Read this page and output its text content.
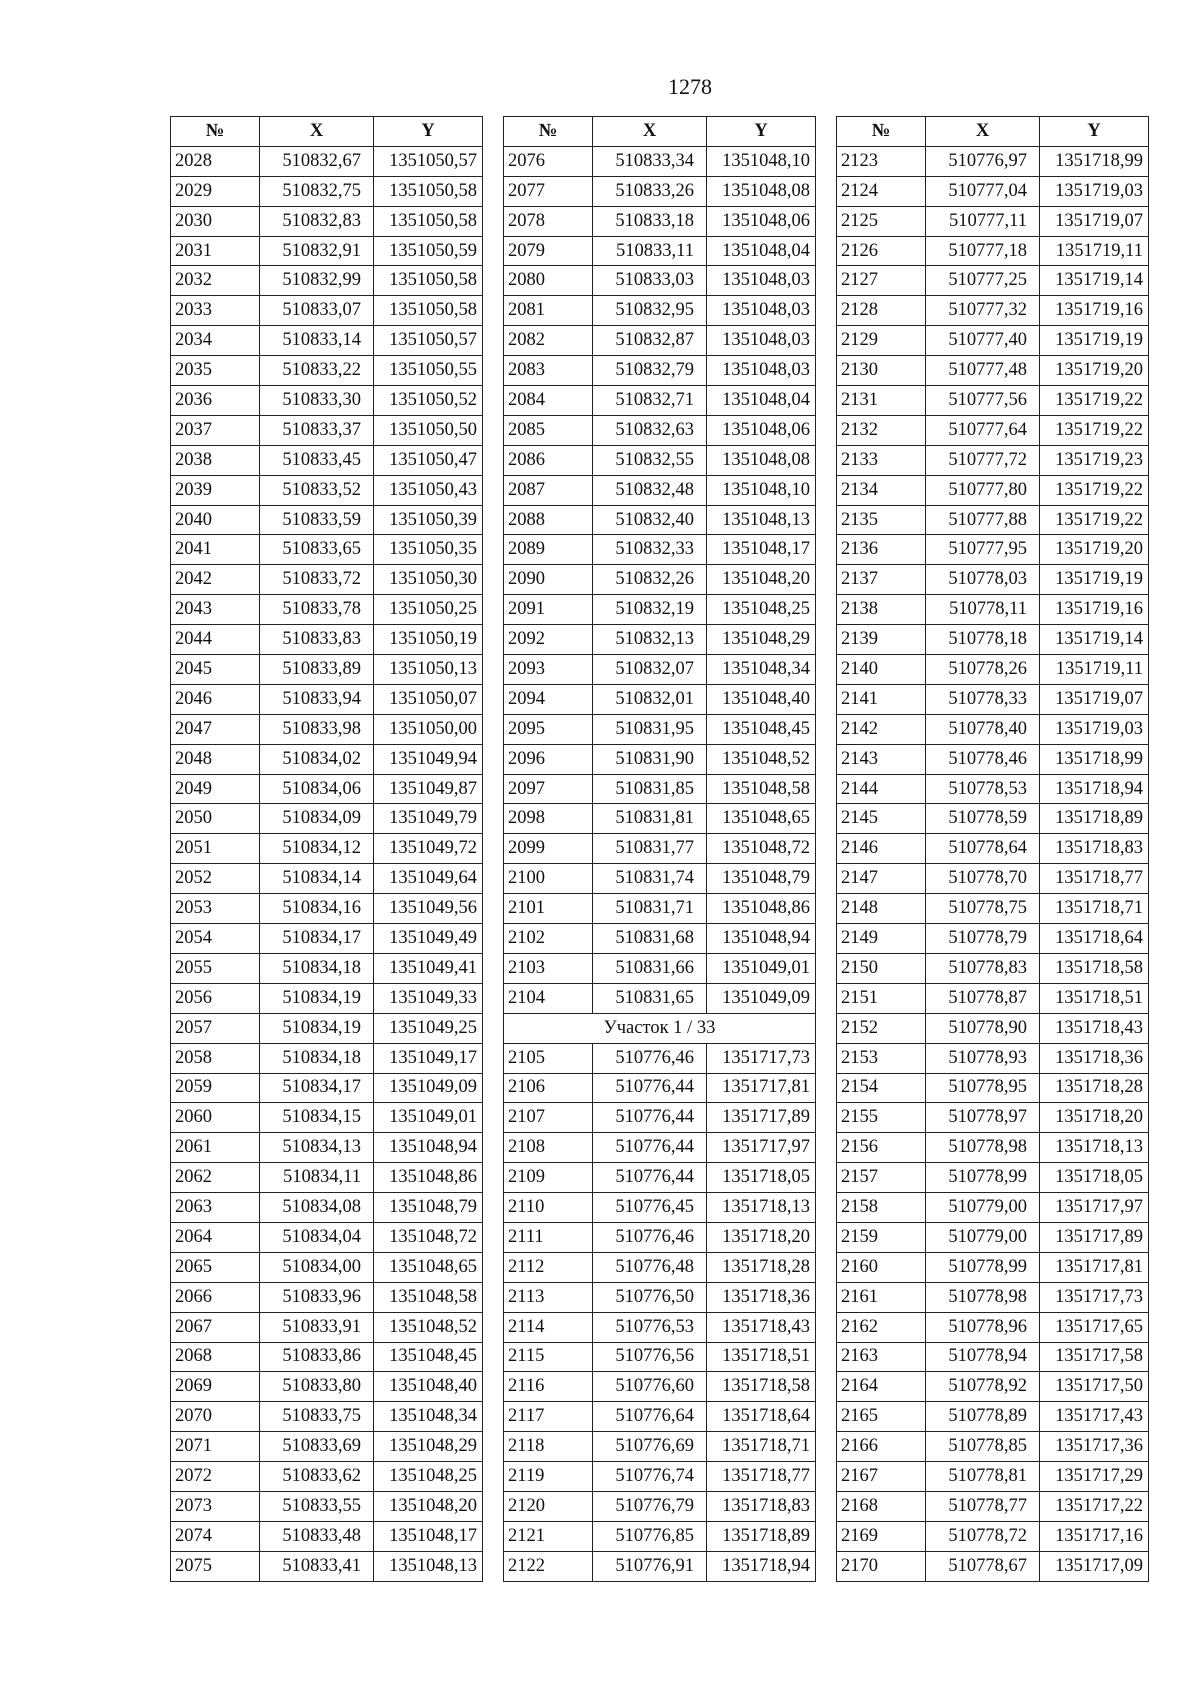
1278
№	X	Y
2028	510832,67	1351050,57
2029	510832,75	1351050,58
2030	510832,83	1351050,58
2031	510832,91	1351050,59
2032	510832,99	1351050,58
2033	510833,07	1351050,58
2034	510833,14	1351050,57
2035	510833,22	1351050,55
2036	510833,30	1351050,52
2037	510833,37	1351050,50
2038	510833,45	1351050,47
2039	510833,52	1351050,43
2040	510833,59	1351050,39
2041	510833,65	1351050,35
2042	510833,72	1351050,30
2043	510833,78	1351050,25
2044	510833,83	1351050,19
2045	510833,89	1351050,13
2046	510833,94	1351050,07
2047	510833,98	1351050,00
2048	510834,02	1351049,94
2049	510834,06	1351049,87
2050	510834,09	1351049,79
2051	510834,12	1351049,72
2052	510834,14	1351049,64
2053	510834,16	1351049,56
2054	510834,17	1351049,49
2055	510834,18	1351049,41
2056	510834,19	1351049,33
2057	510834,19	1351049,25
2058	510834,18	1351049,17
2059	510834,17	1351049,09
2060	510834,15	1351049,01
2061	510834,13	1351048,94
2062	510834,11	1351048,86
2063	510834,08	1351048,79
2064	510834,04	1351048,72
2065	510834,00	1351048,65
2066	510833,96	1351048,58
2067	510833,91	1351048,52
2068	510833,86	1351048,45
2069	510833,80	1351048,40
2070	510833,75	1351048,34
2071	510833,69	1351048,29
2072	510833,62	1351048,25
2073	510833,55	1351048,20
2074	510833,48	1351048,17
2075	510833,41	1351048,13
№	X	Y
2076	510833,34	1351048,10
2077	510833,26	1351048,08
2078	510833,18	1351048,06
2079	510833,11	1351048,04
2080	510833,03	1351048,03
2081	510832,95	1351048,03
2082	510832,87	1351048,03
2083	510832,79	1351048,03
2084	510832,71	1351048,04
2085	510832,63	1351048,06
2086	510832,55	1351048,08
2087	510832,48	1351048,10
2088	510832,40	1351048,13
2089	510832,33	1351048,17
2090	510832,26	1351048,20
2091	510832,19	1351048,25
2092	510832,13	1351048,29
2093	510832,07	1351048,34
2094	510832,01	1351048,40
2095	510831,95	1351048,45
2096	510831,90	1351048,52
2097	510831,85	1351048,58
2098	510831,81	1351048,65
2099	510831,77	1351048,72
2100	510831,74	1351048,79
2101	510831,71	1351048,86
2102	510831,68	1351048,94
2103	510831,66	1351049,01
2104	510831,65	1351049,09
Участок 1 / 33		
2105	510776,46	1351717,73
2106	510776,44	1351717,81
2107	510776,44	1351717,89
2108	510776,44	1351717,97
2109	510776,44	1351718,05
2110	510776,45	1351718,13
2111	510776,46	1351718,20
2112	510776,48	1351718,28
2113	510776,50	1351718,36
2114	510776,53	1351718,43
2115	510776,56	1351718,51
2116	510776,60	1351718,58
2117	510776,64	1351718,64
2118	510776,69	1351718,71
2119	510776,74	1351718,77
2120	510776,79	1351718,83
2121	510776,85	1351718,89
2122	510776,91	1351718,94
№	X	Y
2123	510776,97	1351718,99
2124	510777,04	1351719,03
2125	510777,11	1351719,07
2126	510777,18	1351719,11
2127	510777,25	1351719,14
2128	510777,32	1351719,16
2129	510777,40	1351719,19
2130	510777,48	1351719,20
2131	510777,56	1351719,22
2132	510777,64	1351719,22
2133	510777,72	1351719,23
2134	510777,80	1351719,22
2135	510777,88	1351719,22
2136	510777,95	1351719,20
2137	510778,03	1351719,19
2138	510778,11	1351719,16
2139	510778,18	1351719,14
2140	510778,26	1351719,11
2141	510778,33	1351719,07
2142	510778,40	1351719,03
2143	510778,46	1351718,99
2144	510778,53	1351718,94
2145	510778,59	1351718,89
2146	510778,64	1351718,83
2147	510778,70	1351718,77
2148	510778,75	1351718,71
2149	510778,79	1351718,64
2150	510778,83	1351718,58
2151	510778,87	1351718,51
2152	510778,90	1351718,43
2153	510778,93	1351718,36
2154	510778,95	1351718,28
2155	510778,97	1351718,20
2156	510778,98	1351718,13
2157	510778,99	1351718,05
2158	510779,00	1351717,97
2159	510779,00	1351717,89
2160	510778,99	1351717,81
2161	510778,98	1351717,73
2162	510778,96	1351717,65
2163	510778,94	1351717,58
2164	510778,92	1351717,50
2165	510778,89	1351717,43
2166	510778,85	1351717,36
2167	510778,81	1351717,29
2168	510778,77	1351717,22
2169	510778,72	1351717,16
2170	510778,67	1351717,09
